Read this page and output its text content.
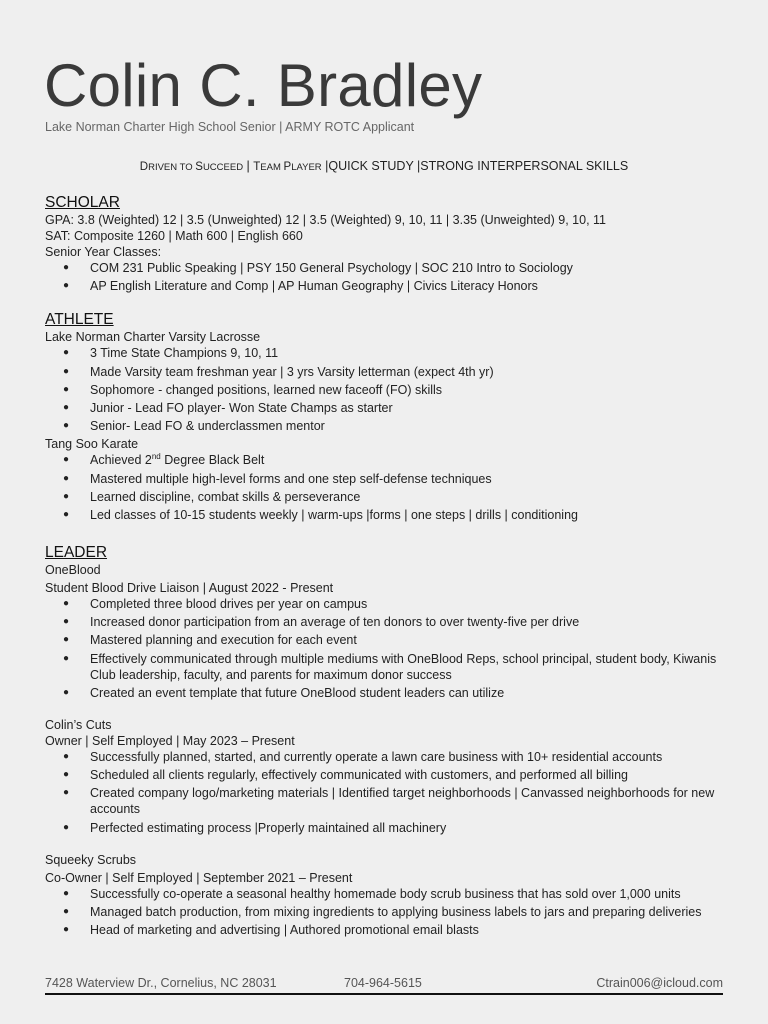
Colin C. Bradley
Lake Norman Charter High School Senior | ARMY ROTC Applicant
DRIVEN TO SUCCEED | TEAM PLAYER |QUICK STUDY |STRONG INTERPERSONAL SKILLS
SCHOLAR
GPA: 3.8 (Weighted) 12 | 3.5 (Unweighted) 12 | 3.5 (Weighted) 9, 10, 11 | 3.35 (Unweighted) 9, 10, 11
SAT: Composite 1260 | Math 600 | English 660
Senior Year Classes:
● COM 231 Public Speaking | PSY 150 General Psychology | SOC 210 Intro to Sociology
● AP English Literature and Comp | AP Human Geography | Civics Literacy Honors
ATHLETE
Lake Norman Charter Varsity Lacrosse
● 3 Time State Champions 9, 10, 11
● Made Varsity team freshman year | 3 yrs Varsity letterman (expect 4th yr)
● Sophomore - changed positions, learned new faceoff (FO) skills
● Junior - Lead FO player- Won State Champs as starter
● Senior- Lead FO & underclassmen mentor
Tang Soo Karate
● Achieved 2nd Degree Black Belt
● Mastered multiple high-level forms and one step self-defense techniques
● Learned discipline, combat skills & perseverance
● Led classes of 10-15 students weekly | warm-ups |forms | one steps | drills | conditioning
LEADER
OneBlood
Student Blood Drive Liaison | August 2022 - Present
● Completed three blood drives per year on campus
● Increased donor participation from an average of ten donors to over twenty-five per drive
● Mastered planning and execution for each event
● Effectively communicated through multiple mediums with OneBlood Reps, school principal, student body, Kiwanis Club leadership, faculty, and parents for maximum donor success
● Created an event template that future OneBlood student leaders can utilize
Colin’s Cuts
Owner | Self Employed | May 2023 – Present
● Successfully planned, started, and currently operate a lawn care business with 10+ residential accounts
● Scheduled all clients regularly, effectively communicated with customers, and performed all billing
● Created company logo/marketing materials | Identified target neighborhoods | Canvassed neighborhoods for new accounts
● Perfected estimating process |Properly maintained all machinery
Squeeky Scrubs
Co-Owner | Self Employed | September 2021 – Present
● Successfully co-operate a seasonal healthy homemade body scrub business that has sold over 1,000 units
● Managed batch production, from mixing ingredients to applying business labels to jars and preparing deliveries
● Head of marketing and advertising | Authored promotional email blasts
7428 Waterview Dr., Cornelius, NC 28031	704-964-5615	Ctrain006@icloud.com
